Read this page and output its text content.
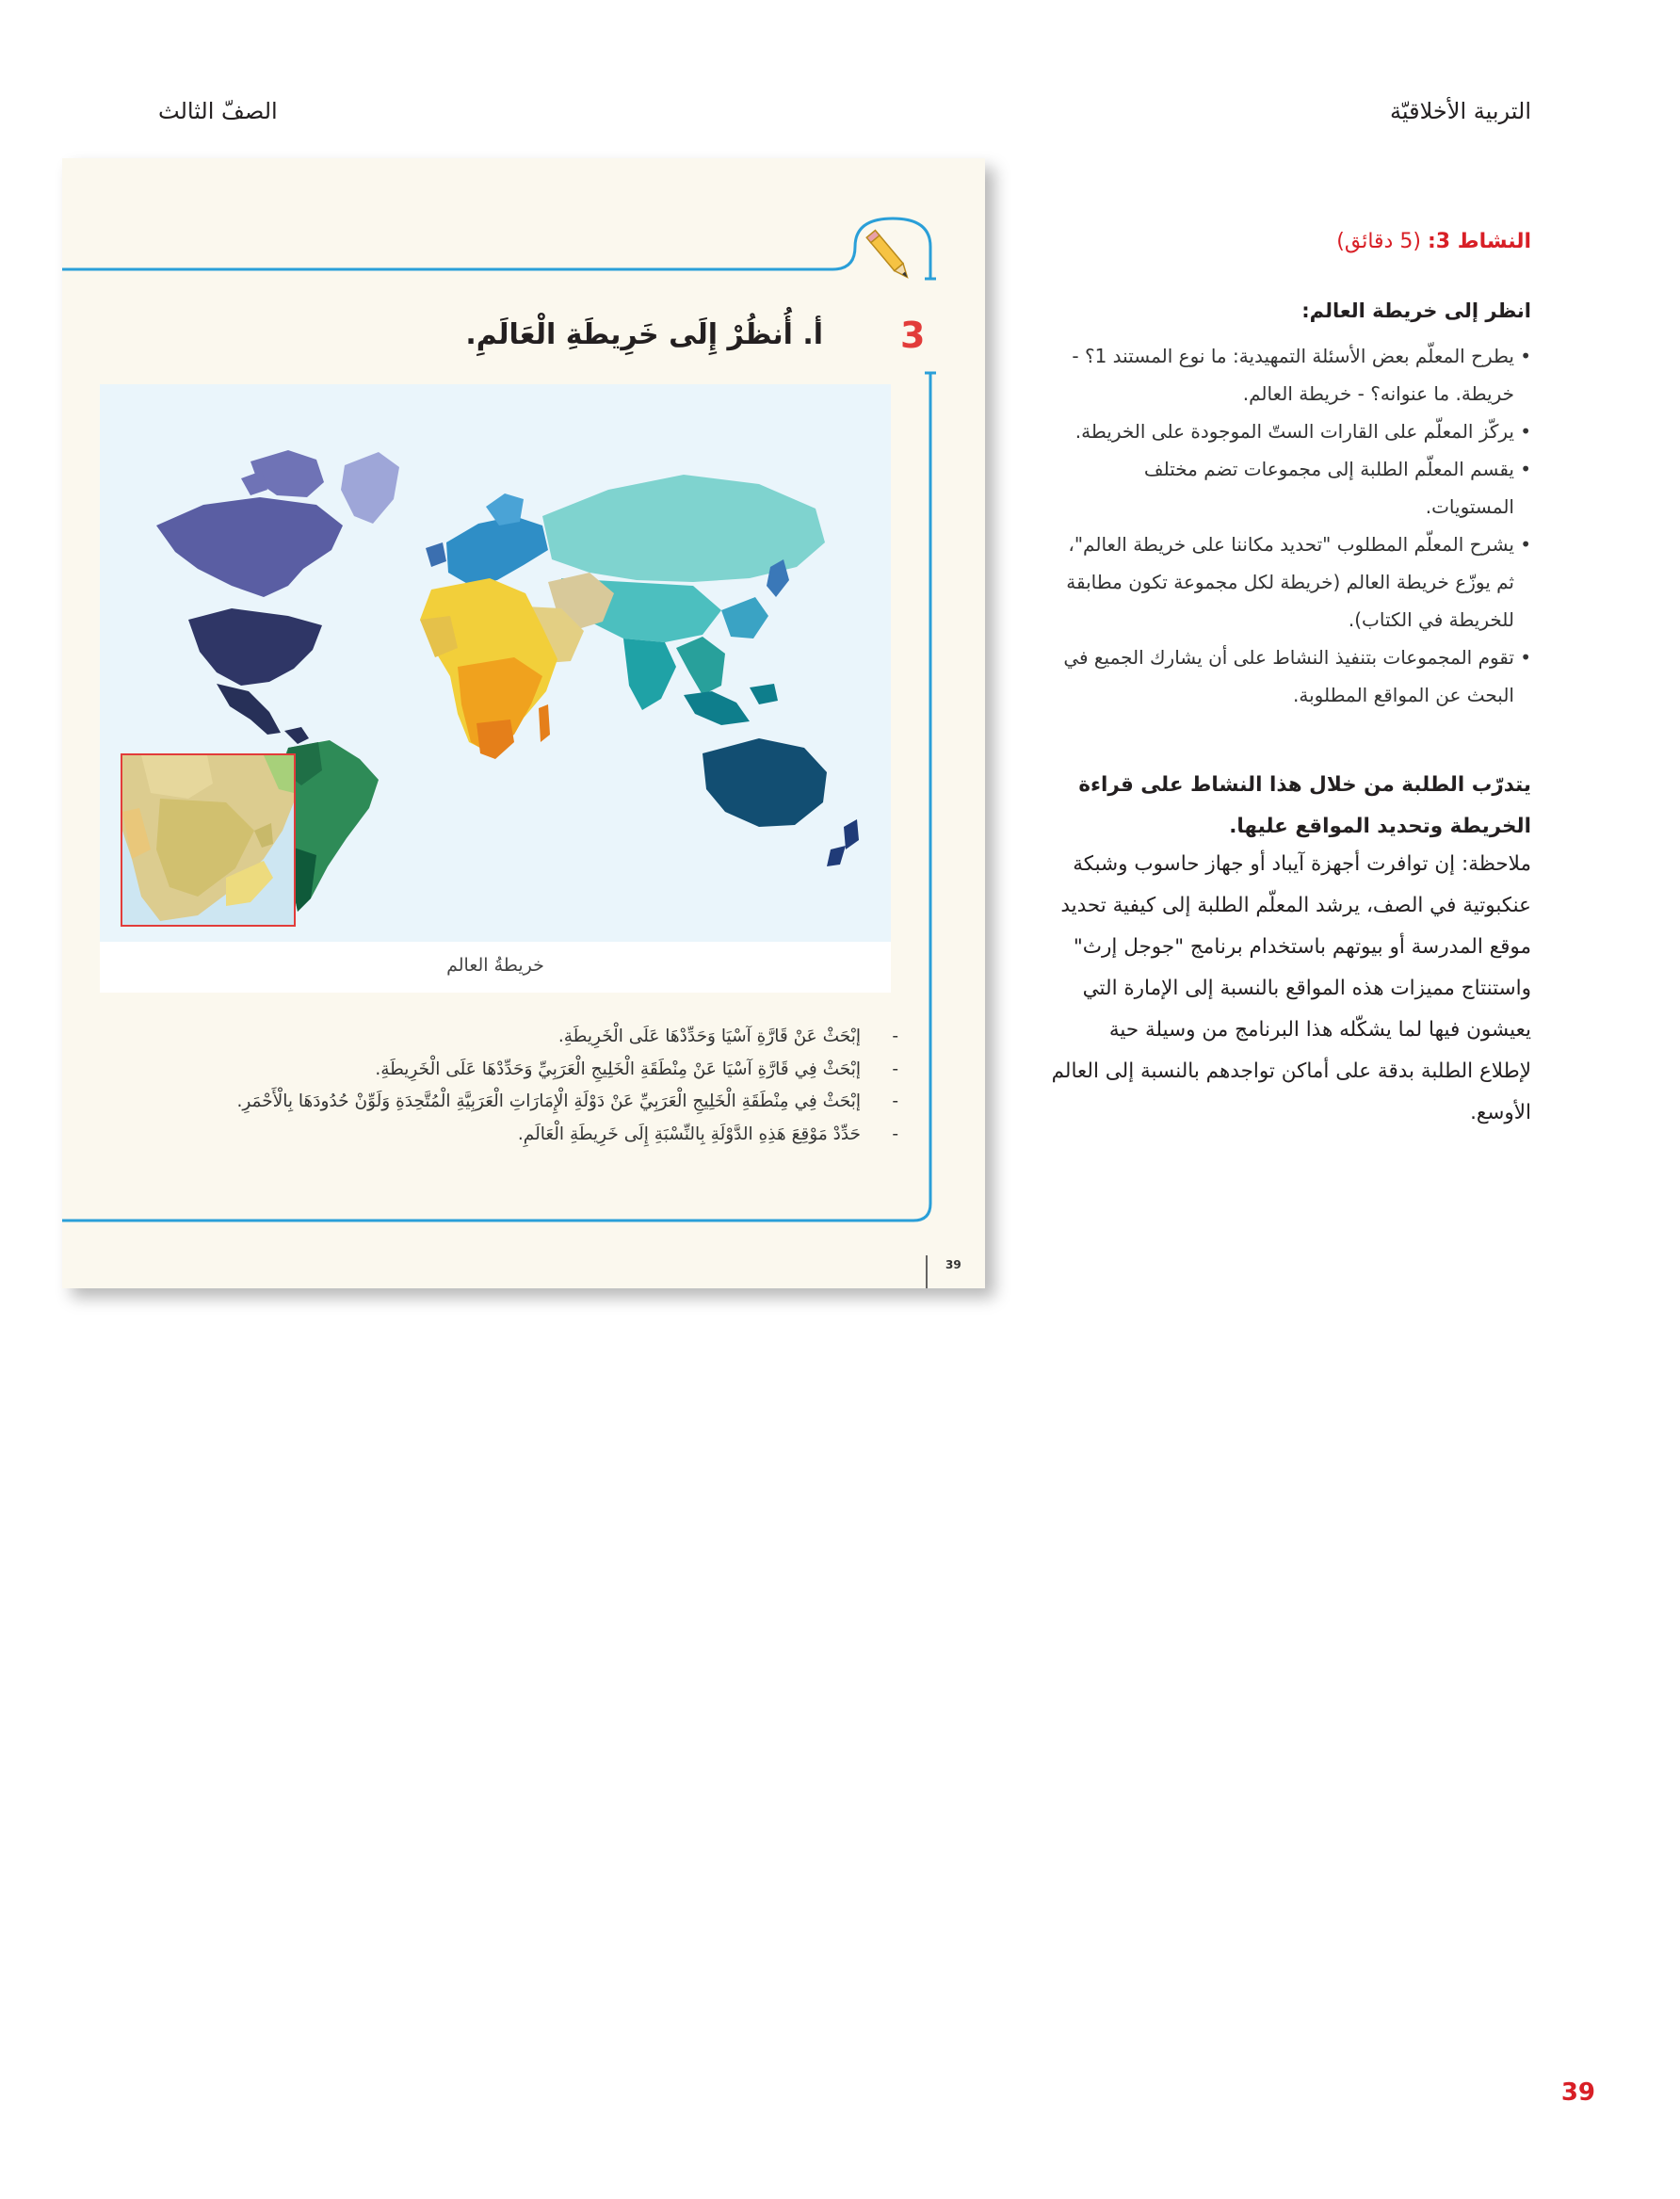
التربية الأخلاقيّة
الصفّ الثالث
3
أ. أُنظُرْ إِلَى خَرِيطَةِ الْعَالَمِ.
خريطةُ العالم
-
إبْحَثْ عَنْ قَارَّةِ آسْيَا وَحَدِّدْهَا عَلَى الْخَرِيطَةِ.
-
إبْحَثْ فِي قَارَّةِ آسْيَا عَنْ مِنْطَقَةِ الْخَلِيجِ الْعَرَبِيِّ وَحَدِّدْهَا عَلَى الْخَرِيطَةِ.
-
إبْحَثْ فِي مِنْطَقَةِ الْخَلِيجِ الْعَرَبِيِّ عَنْ دَوْلَةِ الْإِمَارَاتِ الْعَرَبِيَّةِ الْمُتَّحِدَةِ وَلَوِّنْ حُدُودَهَا بِالْأَحْمَرِ.
-
حَدِّدْ مَوْقِعَ هَذِهِ الدَّوْلَةِ بِالنِّسْبَةِ إِلَى خَرِيطَةِ الْعَالَمِ.
39
النشاط 3: (5 دقائق)
انظر إلى خريطة العالم:
• يطرح المعلّم بعض الأسئلة التمهيدية: ما نوع المستند 1؟ - خريطة. ما عنوانه؟ - خريطة العالم.
• يركّز المعلّم على القارات الستّ الموجودة على الخريطة.
• يقسم المعلّم الطلبة إلى مجموعات تضم مختلف المستويات.
• يشرح المعلّم المطلوب "تحديد مكاننا على خريطة العالم"، ثم يوزّع خريطة العالم (خريطة لكل مجموعة تكون مطابقة للخريطة في الكتاب).
• تقوم المجموعات بتنفيذ النشاط على أن يشارك الجميع في البحث عن المواقع المطلوبة.
يتدرّب الطلبة من خلال هذا النشاط على قراءة الخريطة وتحديد المواقع عليها.
ملاحظة: إن توافرت أجهزة آيباد أو جهاز حاسوب وشبكة عنكبوتية في الصف، يرشد المعلّم الطلبة إلى كيفية تحديد موقع المدرسة أو بيوتهم باستخدام برنامج "جوجل إرث" واستنتاج مميزات هذه المواقع بالنسبة إلى الإمارة التي يعيشون فيها لما يشكّله هذا البرنامج من وسيلة حية لإطلاع الطلبة بدقة على أماكن تواجدهم بالنسبة إلى العالم الأوسع.
39
